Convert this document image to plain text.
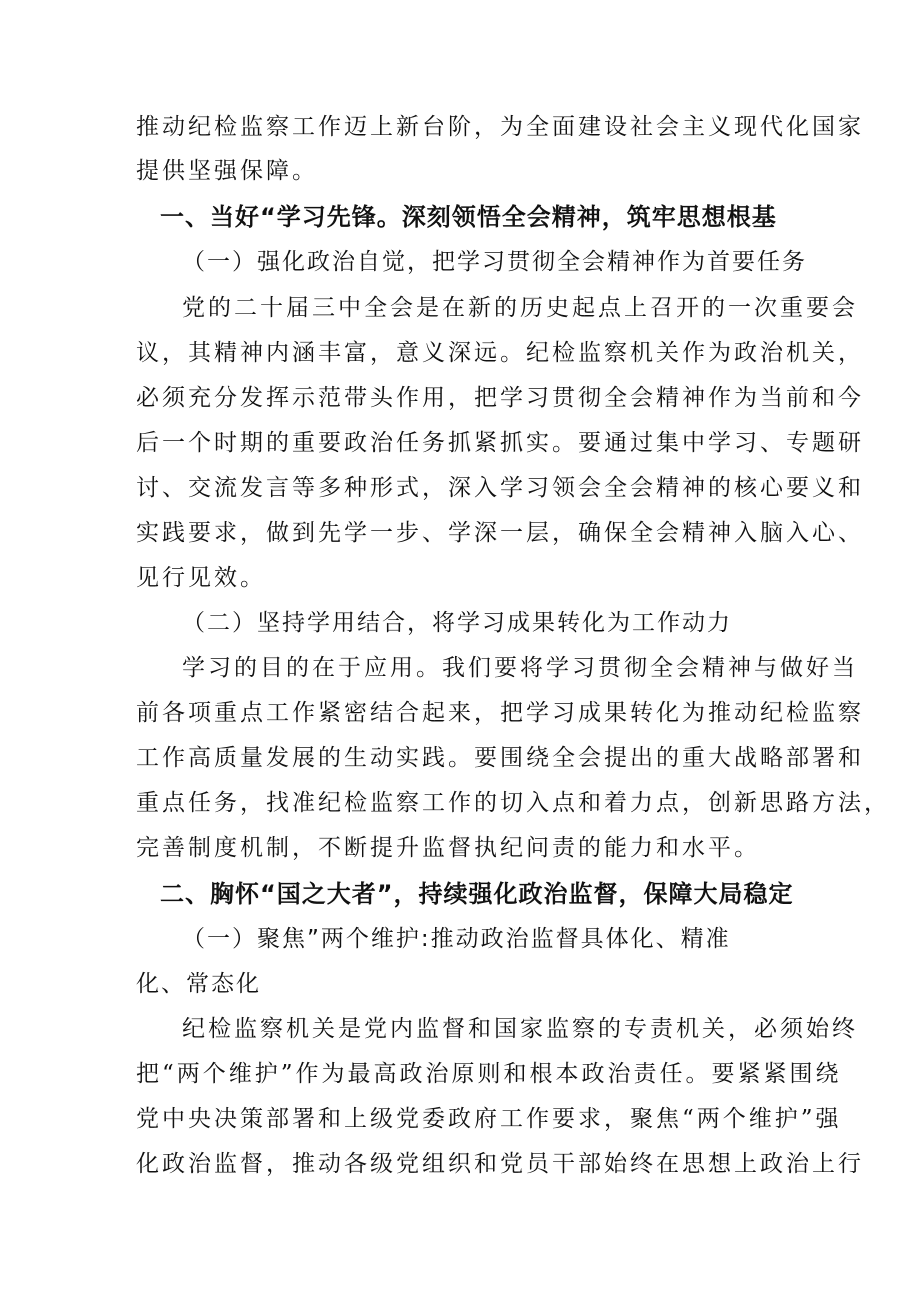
推动纪检监察工作迈上新台阶，为全面建设社会主义现代化国家
提供坚强保障。
一、当好“学习先锋。深刻领悟全会精神，筑牢思想根基
（一）强化政治自觉，把学习贯彻全会精神作为首要任务
党的二十届三中全会是在新的历史起点上召开的一次重要会
议，其精神内涵丰富，意义深远。纪检监察机关作为政治机关，
必须充分发挥示范带头作用，把学习贯彻全会精神作为当前和今
后一个时期的重要政治任务抓紧抓实。要通过集中学习、专题研
讨、交流发言等多种形式，深入学习领会全会精神的核心要义和
实践要求，做到先学一步、学深一层，确保全会精神入脑入心、
见行见效。
（二）坚持学用结合，将学习成果转化为工作动力
学习的目的在于应用。我们要将学习贯彻全会精神与做好当
前各项重点工作紧密结合起来，把学习成果转化为推动纪检监察
工作高质量发展的生动实践。要围绕全会提出的重大战略部署和
重点任务，找准纪检监察工作的切入点和着力点，创新思路方法，
完善制度机制，不断提升监督执纪问责的能力和水平。
二、胸怀“国之大者”，持续强化政治监督，保障大局稳定
（一）聚焦”两个维护:推动政治监督具体化、精准
化、常态化
纪检监察机关是党内监督和国家监察的专责机关，必须始终
把“两个维护”作为最高政治原则和根本政治责任。要紧紧围绕
党中央决策部署和上级党委政府工作要求，聚焦“两个维护”强
化政治监督，推动各级党组织和党员干部始终在思想上政治上行
